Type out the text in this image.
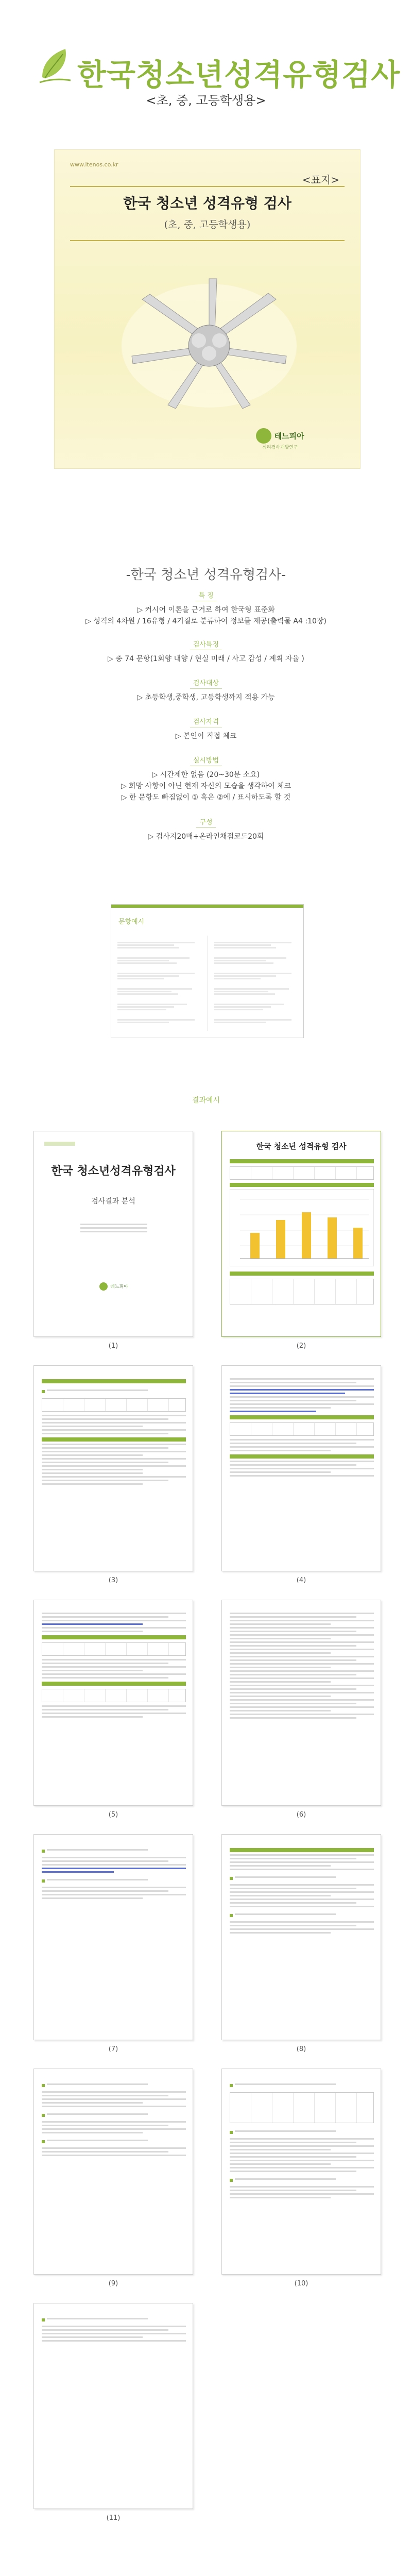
한국청소년성격유형검사
<초, 중, 고등학생용>
www.itenos.co.kr
<표지>
한국 청소년 성격유형 검사
(초, 중, 고등학생용)
테느피아
심리검사개발연구
-한국 청소년 성격유형검사-
특 징
▷ 커시어 이론을 근거로 하여 한국형 표준화
▷ 성격의 4차원 / 16유형 / 4기질로 분류하여 정보를 제공(출력물 A4 :10장)
검사특징
▷ 총 74 문항(1회향 내향 / 현실 미래 / 사고 감성 / 계획 자율 )
검사대상
▷ 초등학생,중학생, 고등학생까지 적용 가능
검사자격
▷ 본인이 직접 체크
실시방법
▷ 시간제한 없음 (20~30분 소요)
▷ 희망 사항이 아닌 현재 자신의 모습을 생각하여 체크
▷ 한 문항도 빠짐없이 ① 혹은 ②에 / 표시하도록 할 것
구성
▷ 검사지20매+온라인채점코드20회
문항예시
결과예시
한국 청소년성격유형검사
검사결과 분석
테느피아
(1)
한국 청소년 성격유형 검사
(2)
(3)	(4)
(5)	(6)
(7)	(8)
(9)	(10)
(11)
